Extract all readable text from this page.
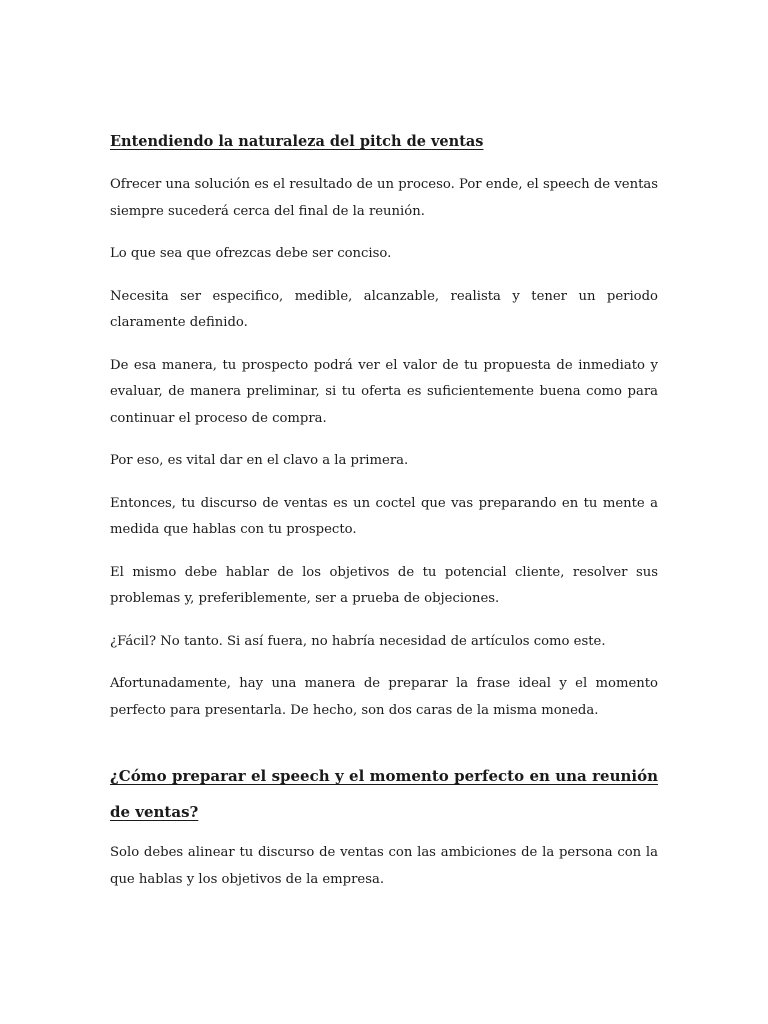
Entendiendo la naturaleza del pitch de ventas

Ofrecer una solución es el resultado de un proceso. Por ende, el speech de ventas siempre sucederá cerca del final de la reunión.

Lo que sea que ofrezcas debe ser conciso.

Necesita ser especifico, medible, alcanzable, realista y tener un periodo claramente definido.

De esa manera, tu prospecto podrá ver el valor de tu propuesta de inmediato y evaluar, de manera preliminar, si tu oferta es suficientemente buena como para continuar el proceso de compra.

Por eso, es vital dar en el clavo a la primera.

Entonces, tu discurso de ventas es un coctel que vas preparando en tu mente a medida que hablas con tu prospecto.

El mismo debe hablar de los objetivos de tu potencial cliente, resolver sus problemas y, preferiblemente, ser a prueba de objeciones.

¿Fácil? No tanto. Si así fuera, no habría necesidad de artículos como este.

Afortunadamente, hay una manera de preparar la frase ideal y el momento perfecto para presentarla. De hecho, son dos caras de la misma moneda.

¿Cómo preparar el speech y el momento perfecto en una reunión de ventas?

Solo debes alinear tu discurso de ventas con las ambiciones de la persona con la que hablas y los objetivos de la empresa.
